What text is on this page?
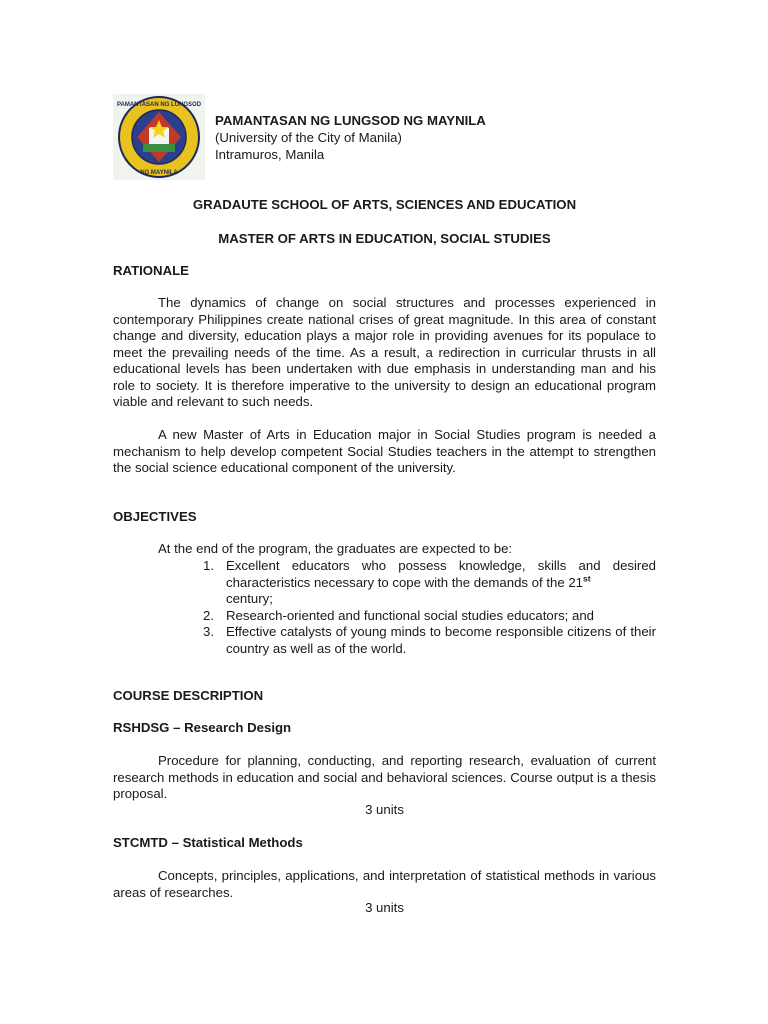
PAMANTASAN NG LUNGSOD
NG MAYNILA
PAMANTASAN NG LUNGSOD NG MAYNILA
(University of the City of Manila)
Intramuros, Manila
GRADAUTE SCHOOL OF ARTS, SCIENCES AND EDUCATION
MASTER OF ARTS IN EDUCATION, SOCIAL STUDIES
RATIONALE

The dynamics of change on social structures and processes experienced in contemporary Philippines create national crises of great magnitude. In this area of constant change and diversity, education plays a major role in providing avenues for its populace to meet the prevailing needs of the time. As a result, a redirection in curricular thrusts in all educational levels has been undertaken with due emphasis in understanding man and his role to society. It is therefore imperative to the university to design an educational program viable and relevant to such needs.

A new Master of Arts in Education major in Social Studies program is needed a mechanism to help develop competent Social Studies teachers in the attempt to strengthen the social science educational component of the university.

OBJECTIVES
At the end of the program, the graduates are expected to be:
1. Excellent educators who possess knowledge, skills and desired characteristics necessary to cope with the demands of the 21st
century;
2. Research-oriented and functional social studies educators; and
3. Effective catalysts of young minds to become responsible citizens of their country as well as of the world.
COURSE DESCRIPTION
RSHDSG – Research Design

Procedure for planning, conducting, and reporting research, evaluation of current research methods in education and social and behavioral sciences. Course output is a thesis proposal.

3 units
STCMTD – Statistical Methods

Concepts, principles, applications, and interpretation of statistical methods in various areas of researches.

3 units
